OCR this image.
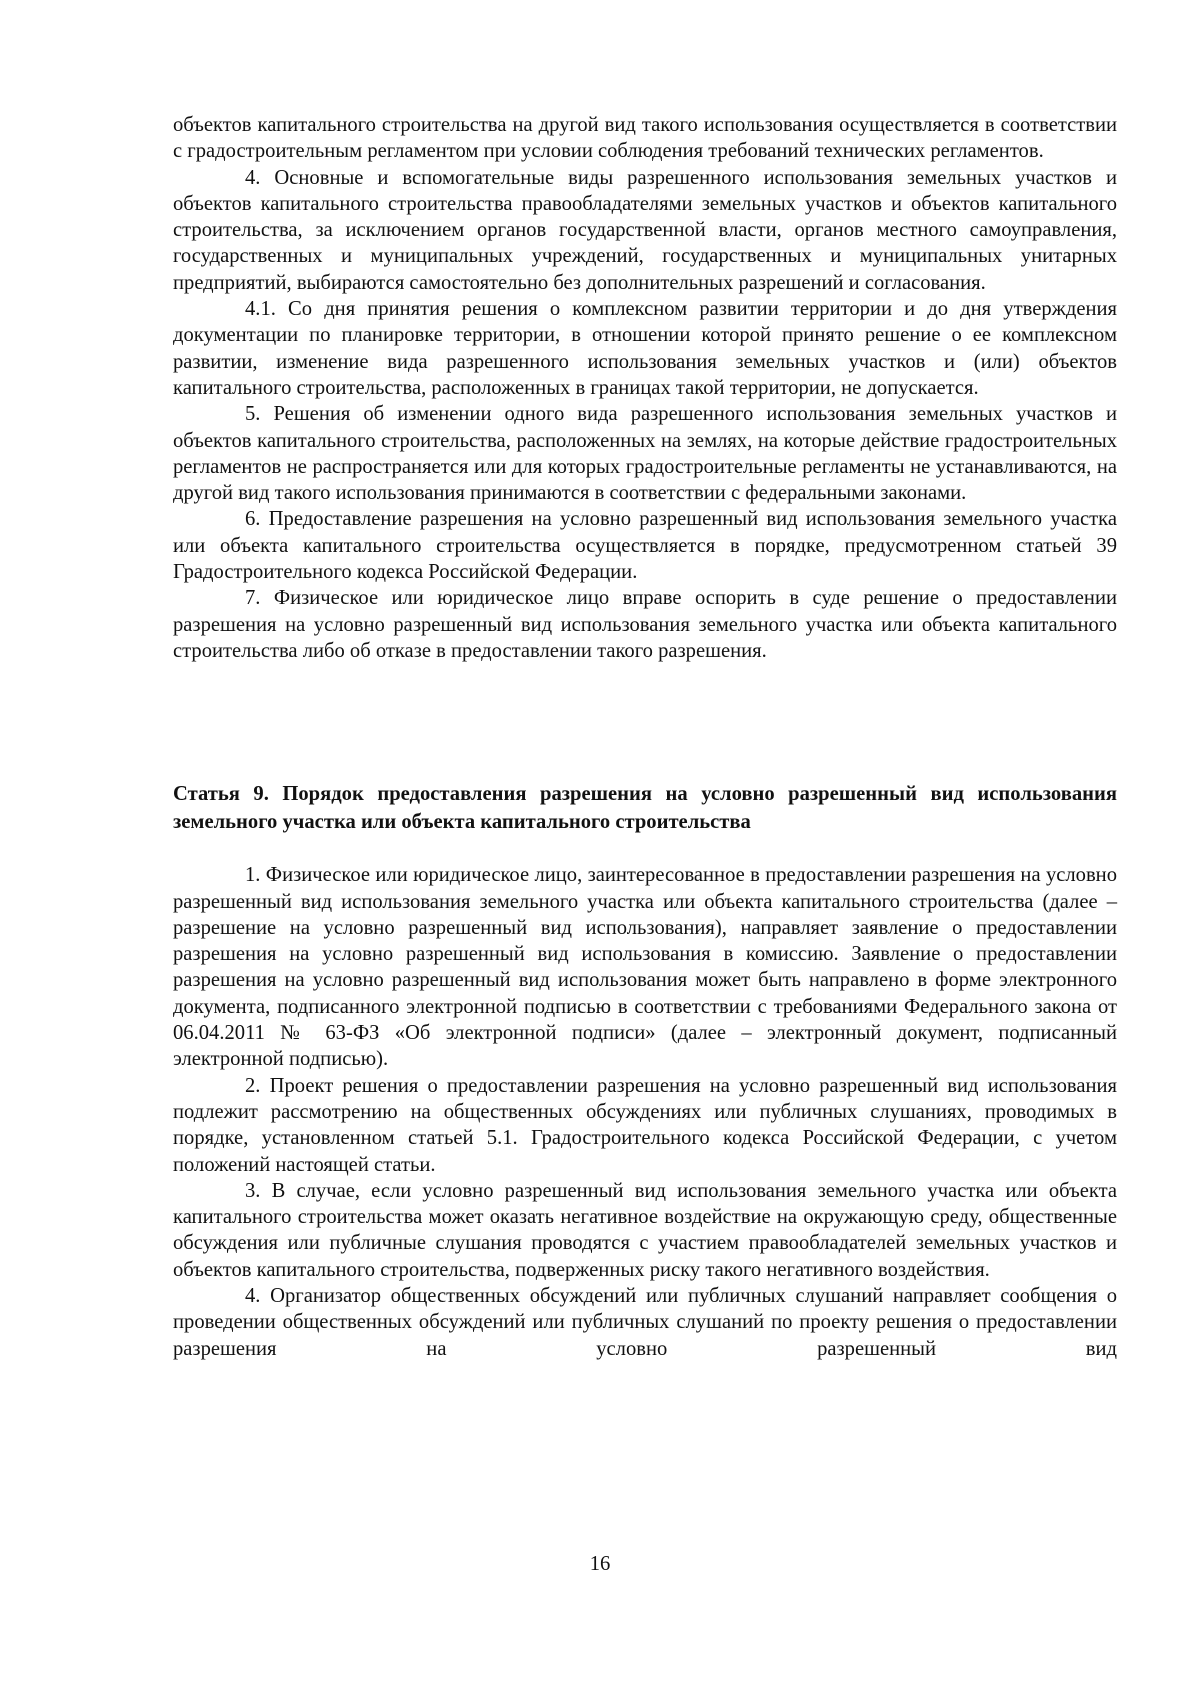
объектов капитального строительства на другой вид такого использования осуществляется в соответствии с градостроительным регламентом при условии соблюдения требований технических регламентов.

4. Основные и вспомогательные виды разрешенного использования земельных участков и объектов капитального строительства правообладателями земельных участков и объектов капитального строительства, за исключением органов государственной власти, органов местного самоуправления, государственных и муниципальных учреждений, государственных и муниципальных унитарных предприятий, выбираются самостоятельно без дополнительных разрешений и согласования.

4.1. Со дня принятия решения о комплексном развитии территории и до дня утверждения документации по планировке территории, в отношении которой принято решение о ее комплексном развитии, изменение вида разрешенного использования земельных участков и (или) объектов капитального строительства, расположенных в границах такой территории, не допускается.

5. Решения об изменении одного вида разрешенного использования земельных участков и объектов капитального строительства, расположенных на землях, на которые действие градостроительных регламентов не распространяется или для которых градостроительные регламенты не устанавливаются, на другой вид такого использования принимаются в соответствии с федеральными законами.

6. Предоставление разрешения на условно разрешенный вид использования земельного участка или объекта капитального строительства осуществляется в порядке, предусмотренном статьей 39 Градостроительного кодекса Российской Федерации.

7. Физическое или юридическое лицо вправе оспорить в суде решение о предоставлении разрешения на условно разрешенный вид использования земельного участка или объекта капитального строительства либо об отказе в предоставлении такого разрешения.

Статья 9. Порядок предоставления разрешения на условно разрешенный вид использования земельного участка или объекта капитального строительства

1. Физическое или юридическое лицо, заинтересованное в предоставлении разрешения на условно разрешенный вид использования земельного участка или объекта капитального строительства (далее – разрешение на условно разрешенный вид использования), направляет заявление о предоставлении разрешения на условно разрешенный вид использования в комиссию. Заявление о предоставлении разрешения на условно разрешенный вид использования может быть направлено в форме электронного документа, подписанного электронной подписью в соответствии с требованиями Федерального закона от 06.04.2011 № 63-ФЗ «Об электронной подписи» (далее – электронный документ, подписанный электронной подписью).

2. Проект решения о предоставлении разрешения на условно разрешенный вид использования подлежит рассмотрению на общественных обсуждениях или публичных слушаниях, проводимых в порядке, установленном статьей 5.1. Градостроительного кодекса Российской Федерации, с учетом положений настоящей статьи.

3. В случае, если условно разрешенный вид использования земельного участка или объекта капитального строительства может оказать негативное воздействие на окружающую среду, общественные обсуждения или публичные слушания проводятся с участием правообладателей земельных участков и объектов капитального строительства, подверженных риску такого негативного воздействия.

4. Организатор общественных обсуждений или публичных слушаний направляет сообщения о проведении общественных обсуждений или публичных слушаний по проекту решения о предоставлении разрешения на условно разрешенный вид

16
